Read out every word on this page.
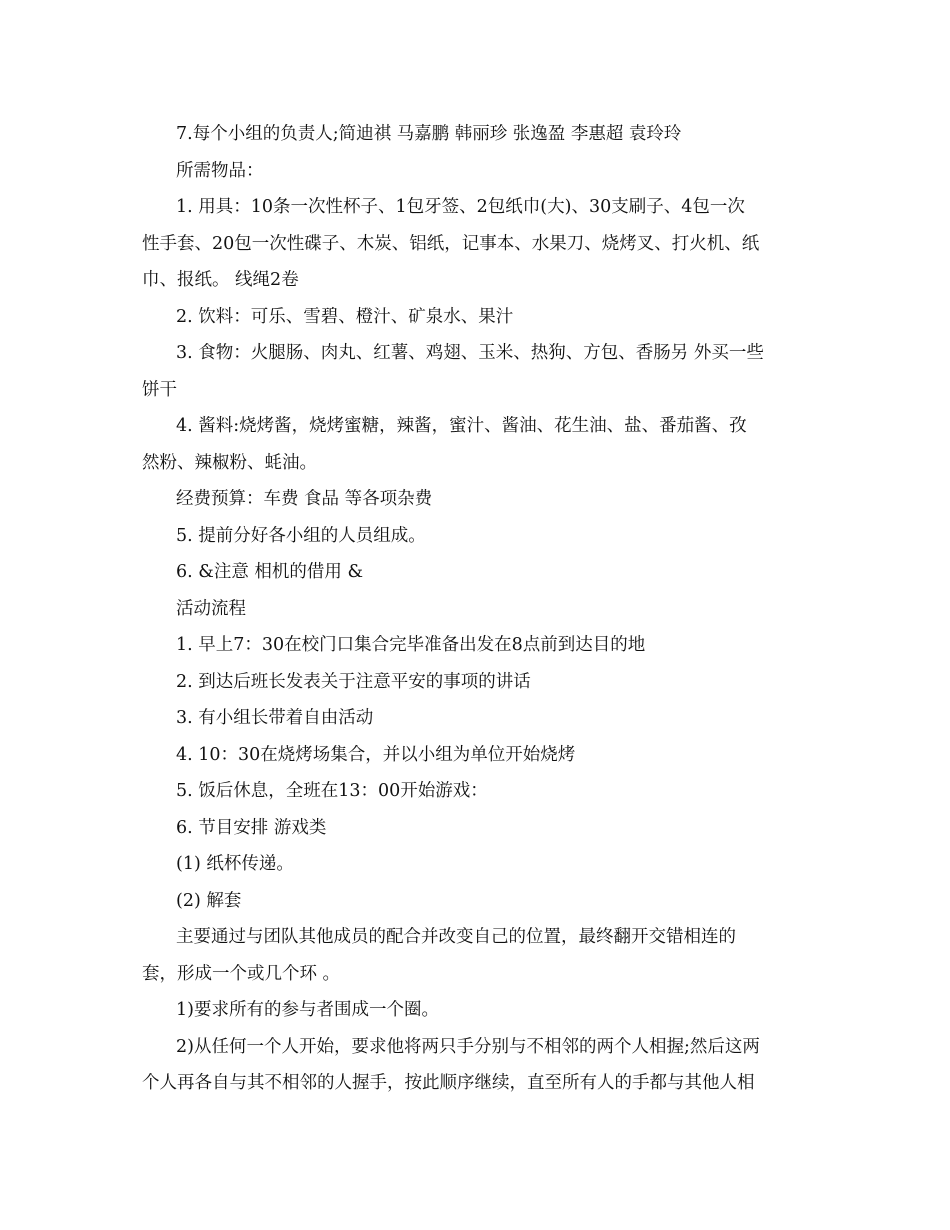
7.每个小组的负责人;简迪祺 马嘉鹏 韩丽珍 张逸盈 李惠超 袁玲玲

所需物品：

1. 用具：10条一次性杯子、1包牙签、2包纸巾(大)、30支刷子、4包一次

性手套、20包一次性碟子、木炭、铝纸，记事本、水果刀、烧烤叉、打火机、纸

巾、报纸。 线绳2卷

2. 饮料：可乐、雪碧、橙汁、矿泉水、果汁

3. 食物：火腿肠、肉丸、红薯、鸡翅、玉米、热狗、方包、香肠另 外买一些

饼干

4. 酱料:烧烤酱，烧烤蜜糖，辣酱，蜜汁、酱油、花生油、盐、番茄酱、孜

然粉、辣椒粉、蚝油。

经费预算：车费 食品 等各项杂费

5. 提前分好各小组的人员组成。

6. &注意 相机的借用 &

活动流程

1. 早上7：30在校门口集合完毕准备出发在8点前到达目的地

2. 到达后班长发表关于注意平安的事项的讲话

3. 有小组长带着自由活动

4. 10：30在烧烤场集合，并以小组为单位开始烧烤

5. 饭后休息，全班在13：00开始游戏：

6. 节目安排 游戏类

(1) 纸杯传递。

(2) 解套

主要通过与团队其他成员的配合并改变自己的位置，最终翻开交错相连的

套，形成一个或几个环 。

1)要求所有的参与者围成一个圈。

2)从任何一个人开始，要求他将两只手分别与不相邻的两个人相握;然后这两

个人再各自与其不相邻的人握手，按此顺序继续，直至所有人的手都与其他人相
